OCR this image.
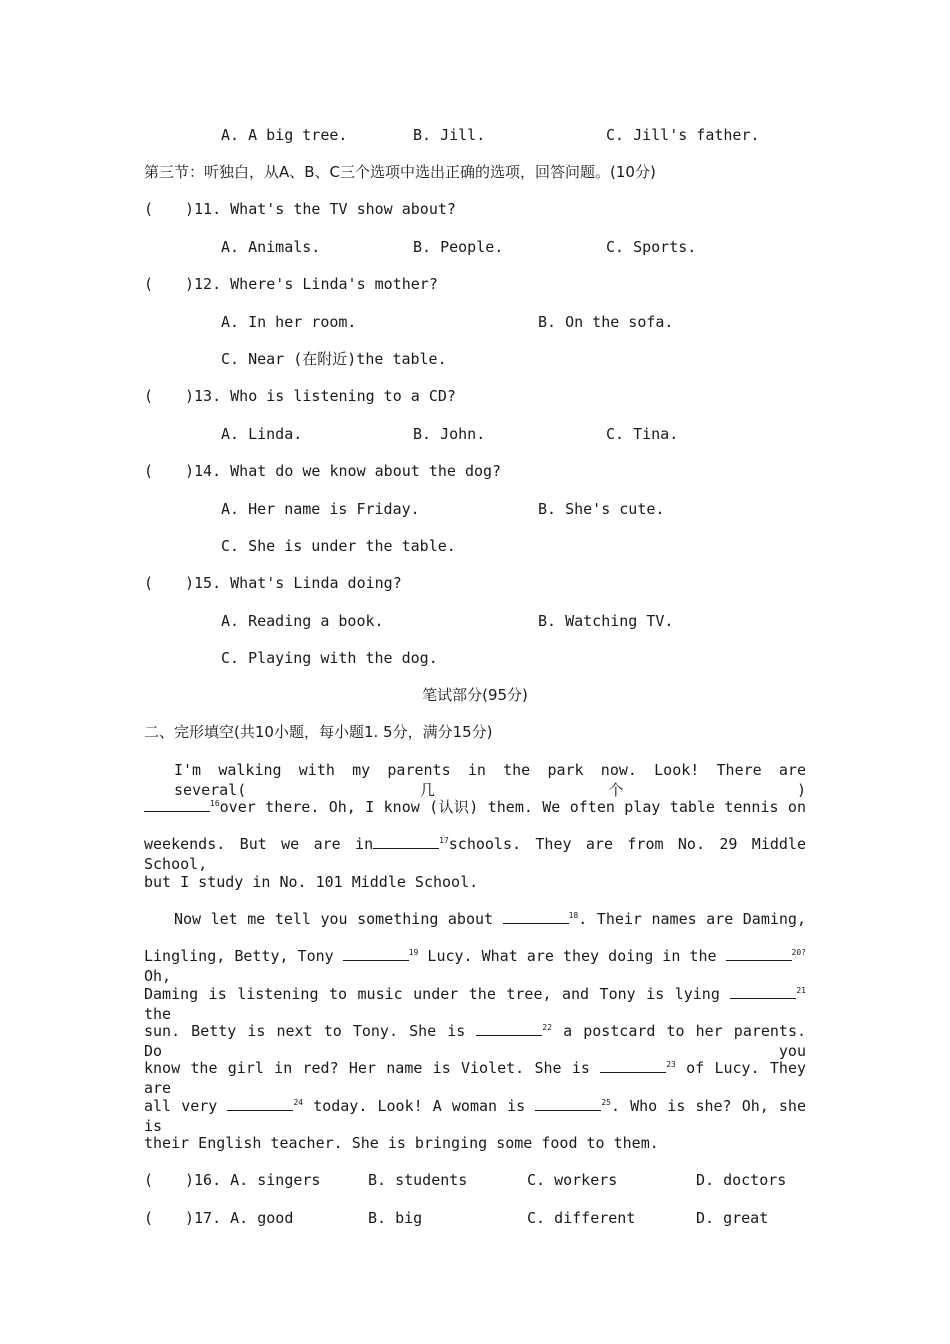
A. A big tree.	B. Jill.	C. Jill's father.
第三节：听独白，从A、B、C三个选项中选出正确的选项，回答问题。(10分)
(
)11. What's the TV show about?
A. Animals.	B. People.	C. Sports.
(
)12. Where's Linda's mother?
A. In her room.	B. On the sofa.
C. Near (在附近)the table.
(
)13. Who is listening to a CD?
A. Linda.	B. John.	C. Tina.
(
)14. What do we know about the dog?
A. Her name is Friday.	B. She's cute.
C. She is under the table.
(
)15. What's Linda doing?
A. Reading a book.	B. Watching TV.
C. Playing with the dog.
笔试部分(95分)
二、完形填空(共10小题，每小题1. 5分，满分15分)
I'm walking with my parents in the park now. Look! There are several(几个)
$^{16}$over there. Oh, I know (认识) them. We often play table tennis on
weekends. But we are in	$^{17}$schools. They are from No. 29 Middle School,
but I study in No. 101 Middle School.
Now let me tell you something about	$^{18}$. Their names are Daming,
Lingling, Betty, Tony	$^{19}$ Lucy. What are they doing in the	$^{20?}$ Oh,
Daming is listening to music under the tree, and Tony is lying	$^{21}$ the
sun. Betty is next to Tony. She is	$^{22}$ a postcard to her parents. Do you
know the girl in red? Her name is Violet. She is	$^{23}$ of Lucy. They are
all very	$^{24}$ today. Look! A woman is	$^{25}$. Who is she? Oh, she is
their English teacher. She is bringing some food to them.
(
)16. A. singers	B. students	C. workers	D. doctors
(
)17. A. good	B. big	C. different	D. great
